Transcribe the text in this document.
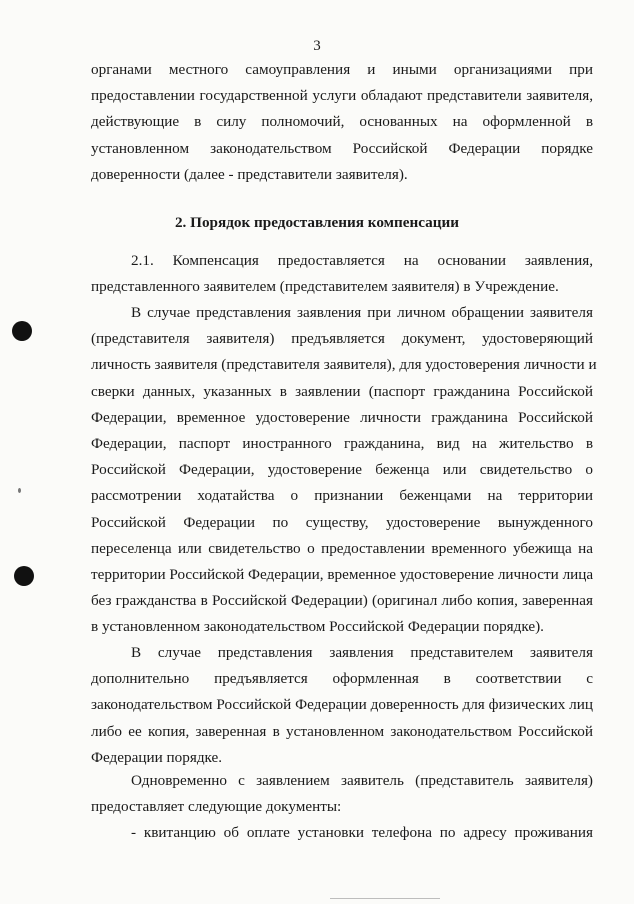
3
органами местного самоуправления и иными организациями при
предоставлении государственной услуги обладают представители заявителя,
действующие в силу полномочий, основанных на оформленной в
установленном законодательством Российской Федерации порядке
доверенности (далее - представители заявителя).
2. Порядок предоставления компенсации
2.1. Компенсация предоставляется на основании заявления,
представленного заявителем (представителем заявителя) в Учреждение.
В случае представления заявления при личном обращении заявителя
(представителя заявителя) предъявляется документ, удостоверяющий
личность заявителя (представителя заявителя), для удостоверения личности и
сверки данных, указанных в заявлении (паспорт гражданина Российской
Федерации, временное удостоверение личности гражданина Российской
Федерации, паспорт иностранного гражданина, вид на жительство в
Российской Федерации, удостоверение беженца или свидетельство о
рассмотрении ходатайства о признании беженцами на территории
Российской Федерации по существу, удостоверение вынужденного
переселенца или свидетельство о предоставлении временного убежища на
территории Российской Федерации, временное удостоверение личности лица
без гражданства в Российской Федерации) (оригинал либо копия, заверенная
в установленном законодательством Российской Федерации порядке).
В случае представления заявления представителем заявителя
дополнительно предъявляется оформленная в соответствии с
законодательством Российской Федерации доверенность для физических лиц
либо ее копия, заверенная в установленном законодательством Российской
Федерации порядке.
Одновременно с заявлением заявитель (представитель заявителя)
предоставляет следующие документы:
- квитанцию об оплате установки телефона по адресу проживания
